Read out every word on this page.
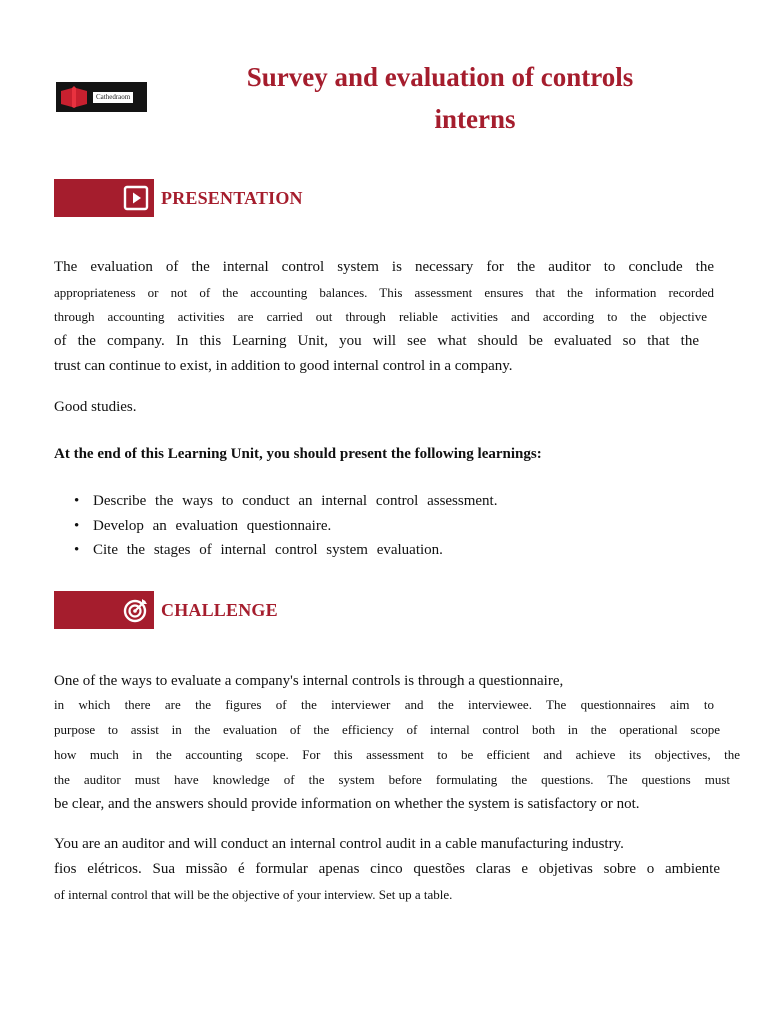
Cathedraom
Survey and evaluation of controls
interns
PRESENTATION

The evaluation of the internal control system is necessary for the auditor to conclude the

appropriateness or not of the accounting balances. This assessment ensures that the information recorded

through accounting activities are carried out through reliable activities and according to the objective

of the company. In this Learning Unit, you will see what should be evaluated so that the

trust can continue to exist, in addition to good internal control in a company.

Good studies.

At the end of this Learning Unit, you should present the following learnings:

• Describe the ways to conduct an internal control assessment.
• Develop an evaluation questionnaire.
• Cite the stages of internal control system evaluation.
CHALLENGE

One of the ways to evaluate a company's internal controls is through a questionnaire,

in which there are the figures of the interviewer and the interviewee. The questionnaires aim to

purpose to assist in the evaluation of the efficiency of internal control both in the operational scope

how much in the accounting scope. For this assessment to be efficient and achieve its objectives, the

the auditor must have knowledge of the system before formulating the questions. The questions must

be clear, and the answers should provide information on whether the system is satisfactory or not.

You are an auditor and will conduct an internal control audit in a cable manufacturing industry.

fios elétricos. Sua missão é formular apenas cinco questões claras e objetivas sobre o ambiente

of internal control that will be the objective of your interview. Set up a table.
